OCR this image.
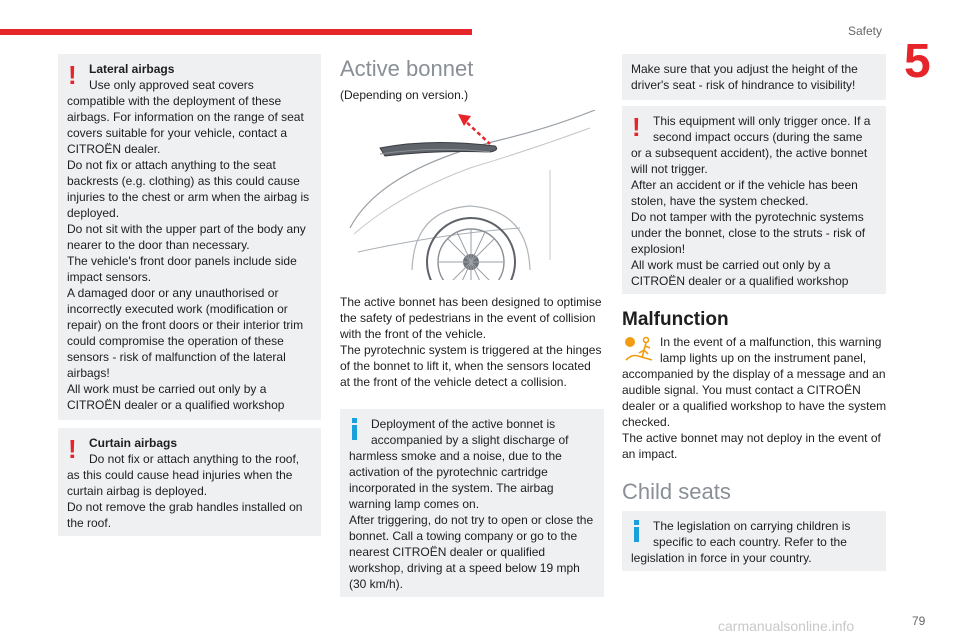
Safety
5
!	Lateral airbags

Use only approved seat covers

compatible with the deployment of these airbags. For information on the range of seat covers suitable for your vehicle, contact a CITROËN dealer.
Do not fix or attach anything to the seat backrests (e.g. clothing) as this could cause injuries to the chest or arm when the airbag is deployed.
Do not sit with the upper part of the body any nearer to the door than necessary.
The vehicle's front door panels include side impact sensors.
A damaged door or any unauthorised or incorrectly executed work (modification or repair) on the front doors or their interior trim could compromise the operation of these sensors - risk of malfunction of the lateral airbags!
All work must be carried out only by a CITROËN dealer or a qualified workshop

!	Curtain airbags

Do not fix or attach anything to the roof,

as this could cause head injuries when the curtain airbag is deployed.
Do not remove the grab handles installed on the roof.

Active bonnet
(Depending on version.)
The active bonnet has been designed to optimise the safety of pedestrians in the event of collision with the front of the vehicle.
The pyrotechnic system is triggered at the hinges of the bonnet to lift it, when the sensors located at the front of the vehicle detect a collision.

Deployment of the active bonnet is accompanied by a slight discharge of

harmless smoke and a noise, due to the activation of the pyrotechnic cartridge incorporated in the system. The airbag warning lamp comes on.
After triggering, do not try to open or close the bonnet. Call a towing company or go to the nearest CITROËN dealer or qualified workshop, driving at a speed below 19 mph (30 km/h).

Make sure that you adjust the height of the driver's seat - risk of hindrance to visibility!

!	This equipment will only trigger once. If a second impact occurs (during the same

or a subsequent accident), the active bonnet will not trigger.
After an accident or if the vehicle has been stolen, have the system checked.
Do not tamper with the pyrotechnic systems under the bonnet, close to the struts - risk of explosion!
All work must be carried out only by a CITROËN dealer or a qualified workshop

Malfunction
In the event of a malfunction, this warning lamp lights up on the instrument panel,
accompanied by the display of a message and an audible signal. You must contact a CITROËN dealer or a qualified workshop to have the system checked.
The active bonnet may not deploy in the event of an impact.
Child seats

The legislation on carrying children is specific to each country. Refer to the

legislation in force in your country.

79
carmanualsonline.info
